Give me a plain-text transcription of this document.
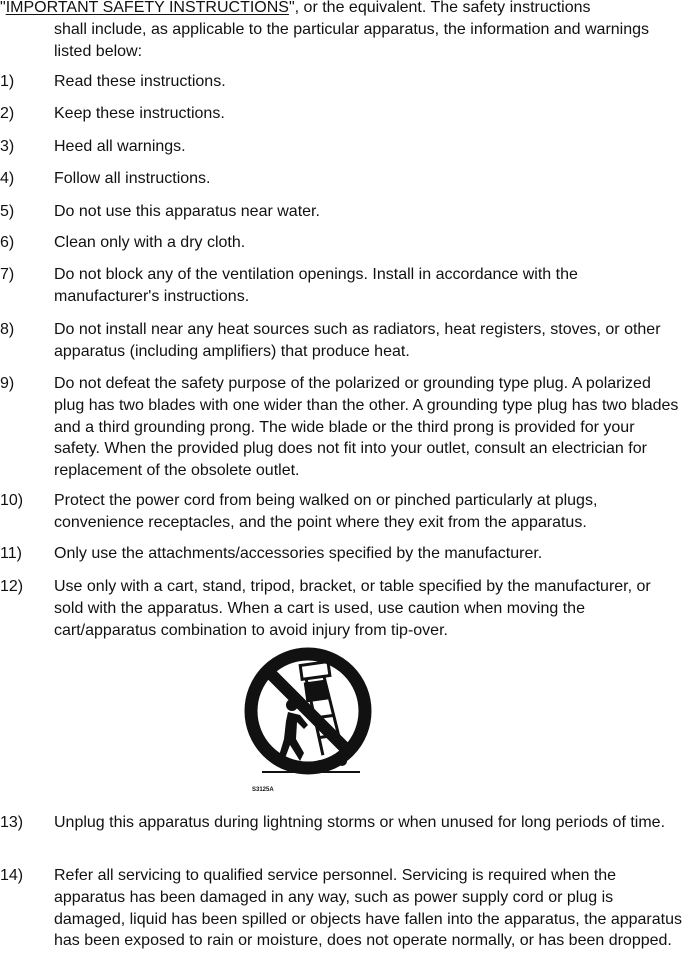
"IMPORTANT SAFETY INSTRUCTIONS", or the equivalent. The safety instructions
shall include, as applicable to the particular apparatus, the information and warnings listed below:
1) Read these instructions.
2) Keep these instructions.
3) Heed all warnings.
4) Follow all instructions.
5) Do not use this apparatus near water.
6) Clean only with a dry cloth.
7) Do not block any of the ventilation openings. Install in accordance with the manufacturer's instructions.
8) Do not install near any heat sources such as radiators, heat registers, stoves, or other apparatus (including amplifiers) that produce heat.
9) Do not defeat the safety purpose of the polarized or grounding type plug. A polarized plug has two blades with one wider than the other. A grounding type plug has two blades and a third grounding prong. The wide blade or the third prong is provided for your safety. When the provided plug does not fit into your outlet, consult an electrician for replacement of the obsolete outlet.
10) Protect the power cord from being walked on or pinched particularly at plugs, convenience receptacles, and the point where they exit from the apparatus.
11) Only use the attachments/accessories specified by the manufacturer.
12) Use only with a cart, stand, tripod, bracket, or table specified by the manufacturer, or sold with the apparatus. When a cart is used, use caution when moving the cart/apparatus combination to avoid injury from tip-over.
S3125A
13) Unplug this apparatus during lightning storms or when unused for long periods of time.
14) Refer all servicing to qualified service personnel. Servicing is required when the apparatus has been damaged in any way, such as power supply cord or plug is damaged, liquid has been spilled or objects have fallen into the apparatus, the apparatus has been exposed to rain or moisture, does not operate normally, or has been dropped.
